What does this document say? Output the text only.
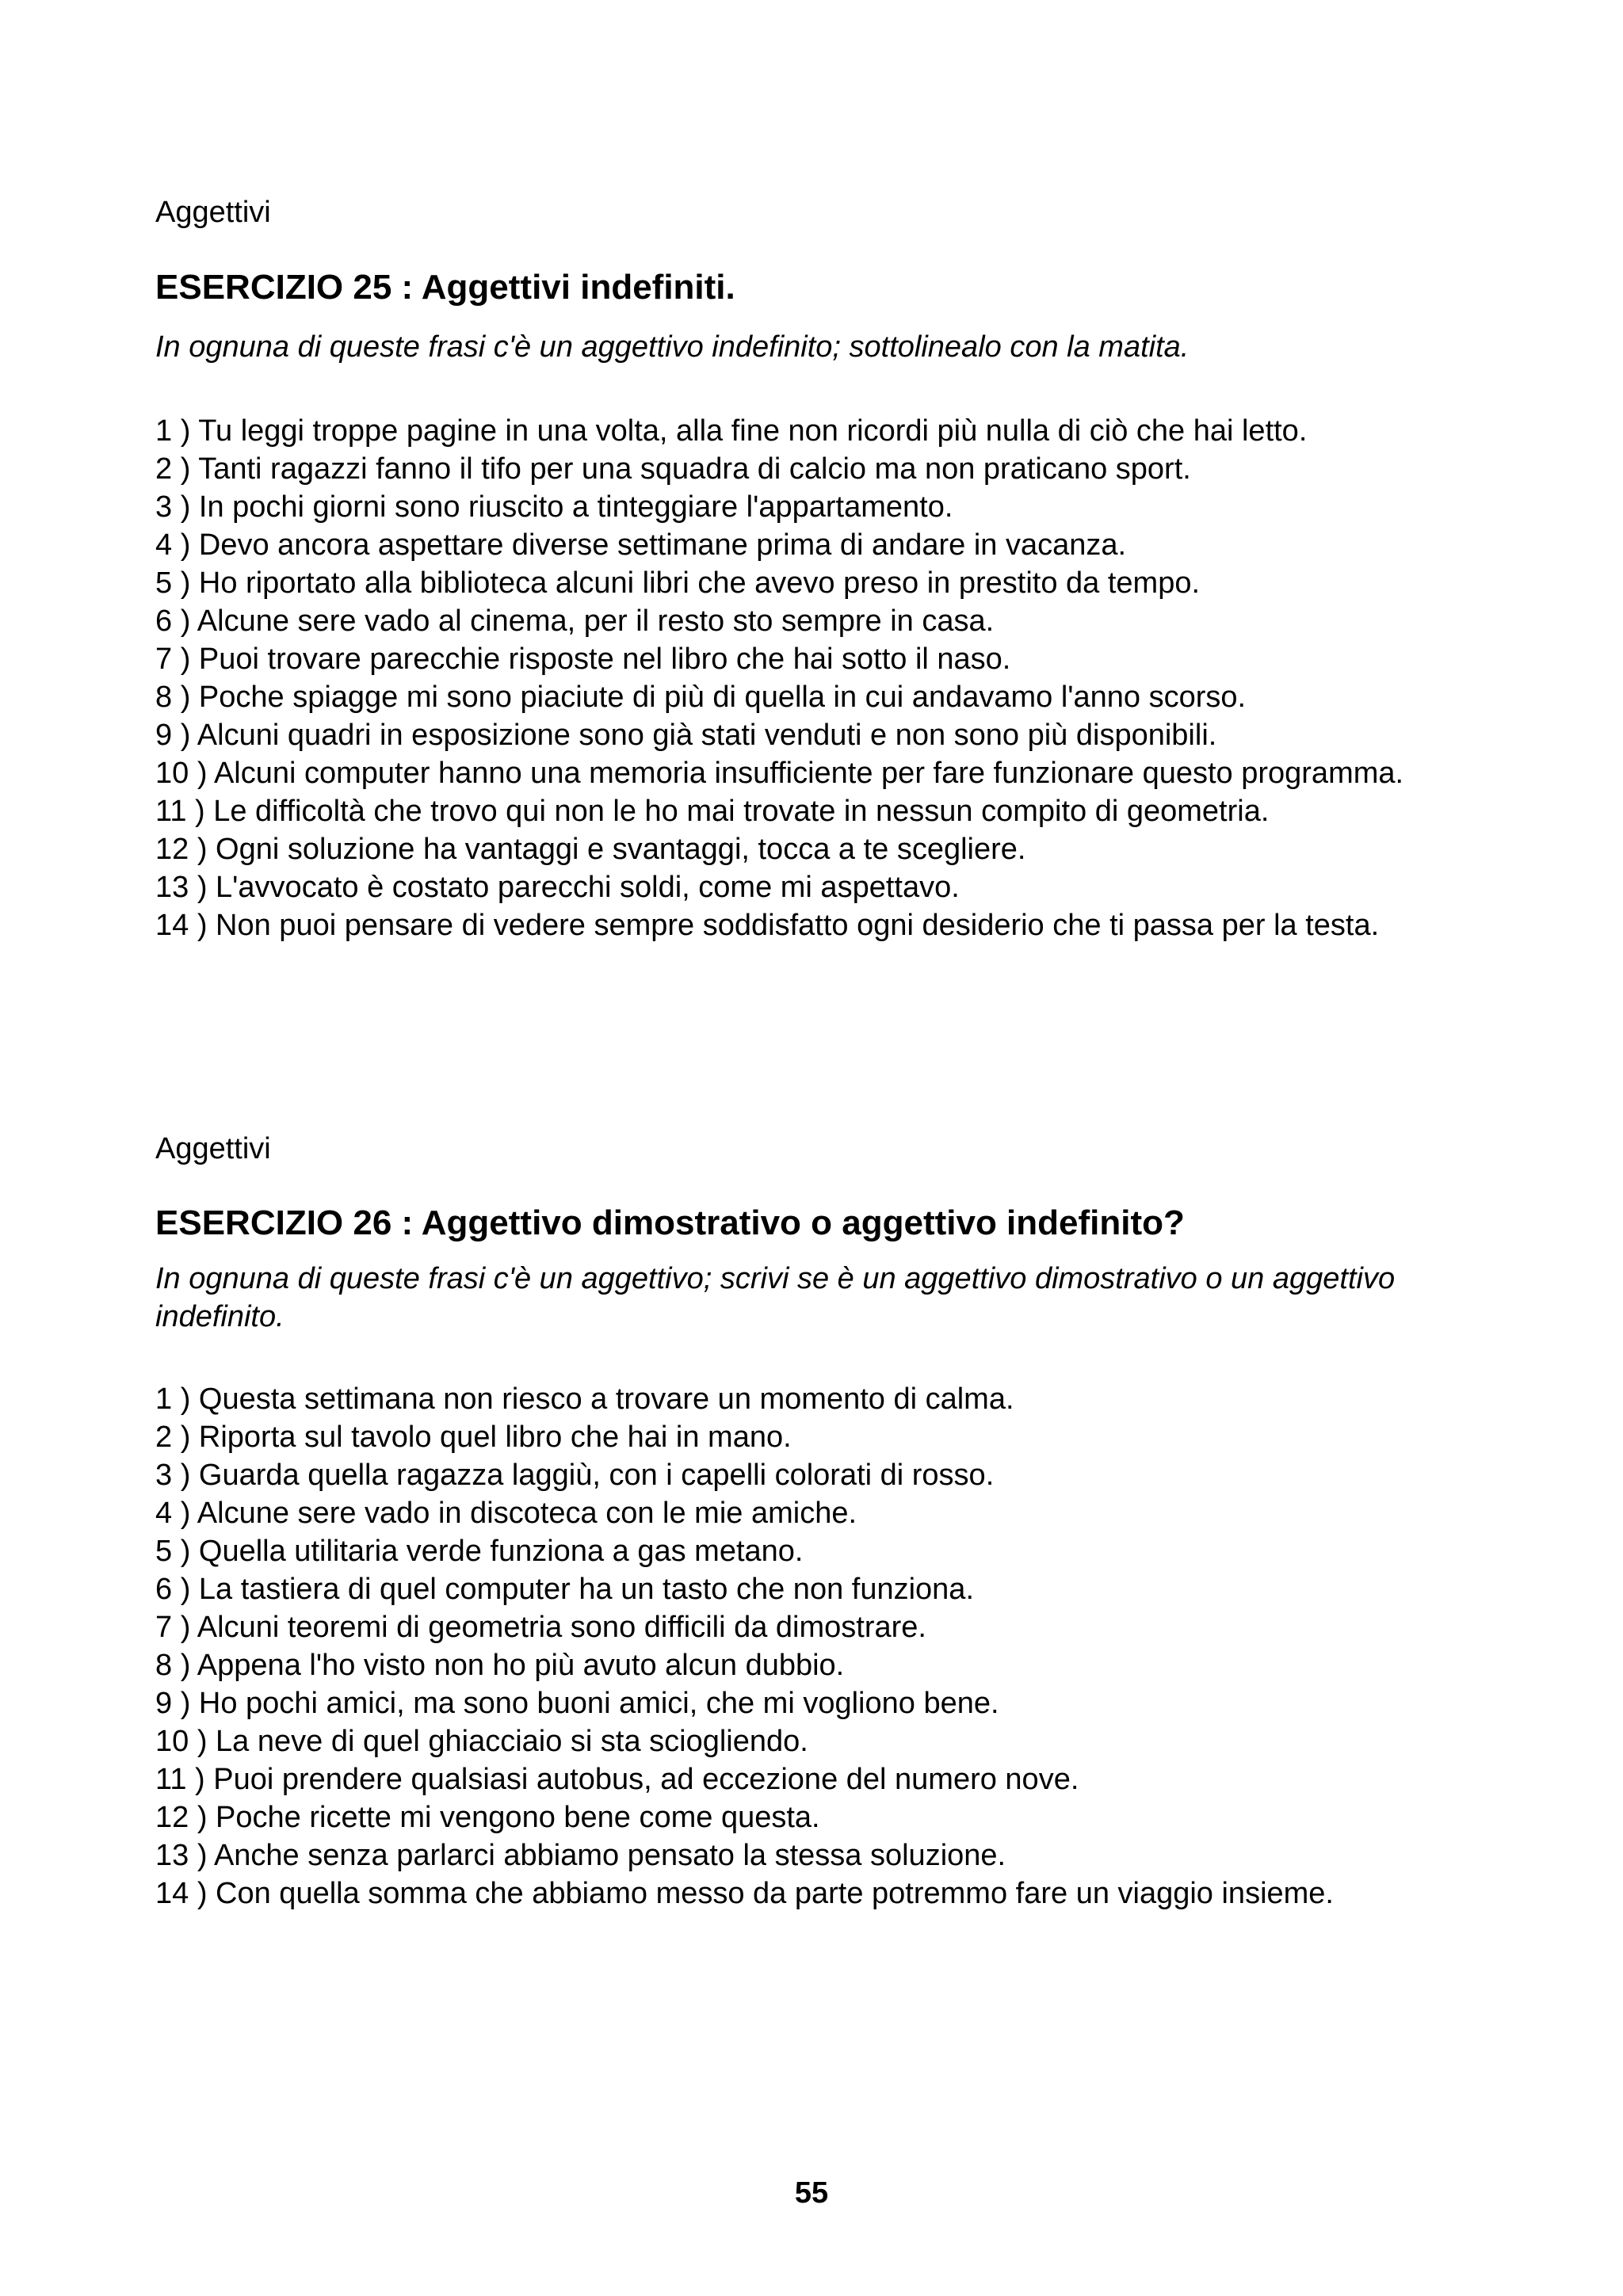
Aggettivi

ESERCIZIO 25 : Aggettivi indefiniti.

In ognuna di queste frasi c'è un aggettivo indefinito; sottolinealo con la matita.

1 ) Tu leggi troppe pagine in una volta, alla fine non ricordi più nulla di ciò che hai letto.
2 ) Tanti ragazzi fanno il tifo per una squadra di calcio ma non praticano sport.
3 ) In pochi giorni sono riuscito a tinteggiare l'appartamento.
4 ) Devo ancora aspettare diverse settimane prima di andare in vacanza.
5 ) Ho riportato alla biblioteca alcuni libri che avevo preso in prestito da tempo.
6 ) Alcune sere vado al cinema, per il resto sto sempre in casa.
7 ) Puoi trovare parecchie risposte nel libro che hai sotto il naso.
8 ) Poche spiagge mi sono piaciute di più di quella in cui andavamo l'anno scorso.
9 ) Alcuni quadri in esposizione sono già stati venduti e non sono più disponibili.
10 ) Alcuni computer hanno una memoria insufficiente per fare funzionare questo programma.
11 ) Le difficoltà che trovo qui non le ho mai trovate in nessun compito di geometria.
12 ) Ogni soluzione ha vantaggi e svantaggi, tocca a te scegliere.
13 ) L'avvocato è costato parecchi soldi, come mi aspettavo.
14 ) Non puoi pensare di vedere sempre soddisfatto ogni desiderio che ti passa per la testa.

Aggettivi

ESERCIZIO 26 : Aggettivo dimostrativo o aggettivo indefinito?

In ognuna di queste frasi c'è un aggettivo; scrivi se è un aggettivo dimostrativo o un aggettivo indefinito.

1 ) Questa settimana non riesco a trovare un momento di calma.
2 ) Riporta sul tavolo quel libro che hai in mano.
3 ) Guarda quella ragazza laggiù, con i capelli colorati di rosso.
4 ) Alcune sere vado in discoteca con le mie amiche.
5 ) Quella utilitaria verde funziona a gas metano.
6 ) La tastiera di quel computer ha un tasto che non funziona.
7 ) Alcuni teoremi di geometria sono difficili da dimostrare.
8 ) Appena l'ho visto non ho più avuto alcun dubbio.
9 ) Ho pochi amici, ma sono buoni amici, che mi vogliono bene.
10 ) La neve di quel ghiacciaio si sta sciogliendo.
11 ) Puoi prendere qualsiasi autobus, ad eccezione del numero nove.
12 ) Poche ricette mi vengono bene come questa.
13 ) Anche senza parlarci abbiamo pensato la stessa soluzione.
14 ) Con quella somma che abbiamo messo da parte potremmo fare un viaggio insieme.
55
